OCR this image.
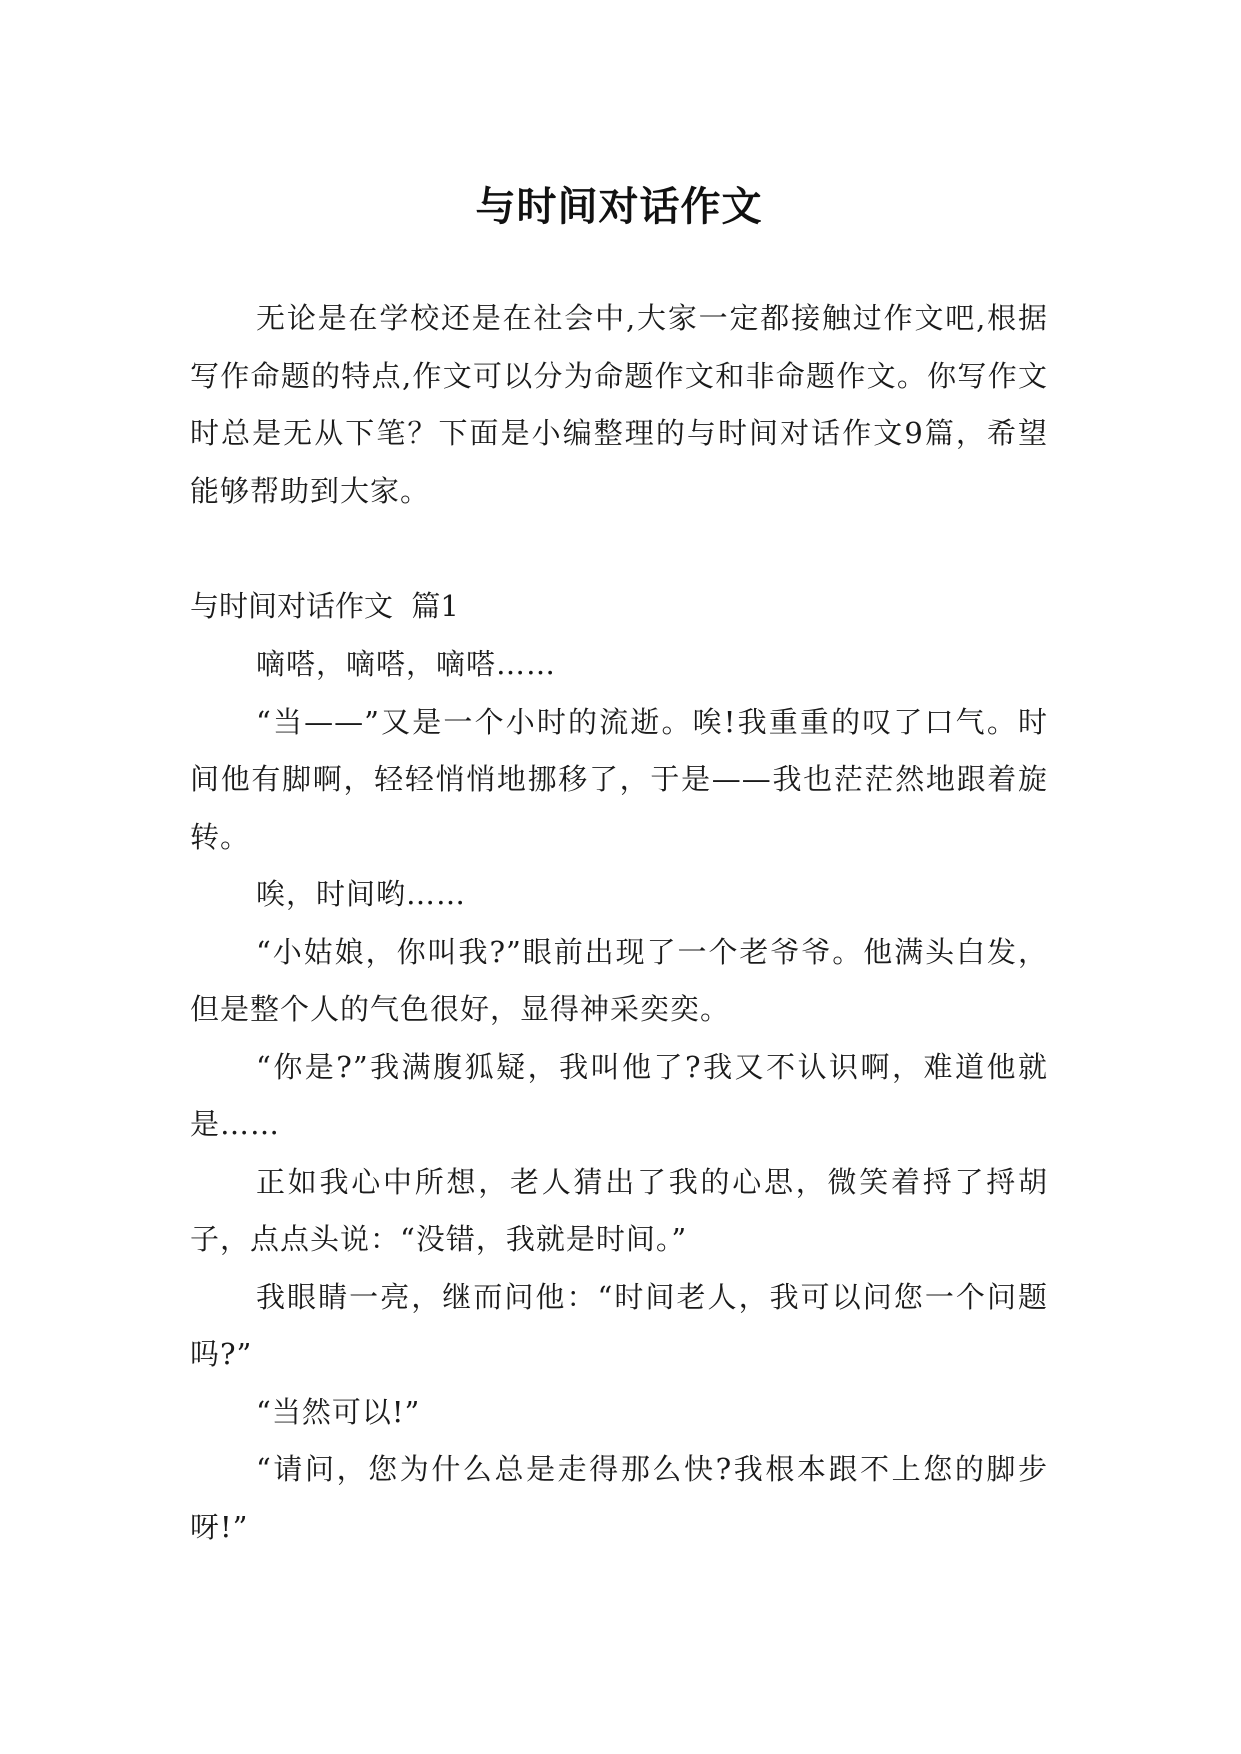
与时间对话作文

无论是在学校还是在社会中,大家一定都接触过作文吧,根据写作命题的特点,作文可以分为命题作文和非命题作文。你写作文时总是无从下笔？下面是小编整理的与时间对话作文9篇，希望能够帮助到大家。

与时间对话作文  篇1

嘀嗒，嘀嗒，嘀嗒……

“当——”又是一个小时的流逝。唉!我重重的叹了口气。时间他有脚啊，轻轻悄悄地挪移了，于是——我也茫茫然地跟着旋转。

唉，时间哟……

“小姑娘，你叫我?”眼前出现了一个老爷爷。他满头白发，但是整个人的气色很好，显得神采奕奕。

“你是?”我满腹狐疑，我叫他了?我又不认识啊，难道他就是……

正如我心中所想，老人猜出了我的心思，微笑着捋了捋胡子，点点头说：“没错，我就是时间。”

我眼睛一亮，继而问他：“时间老人，我可以问您一个问题吗?”

“当然可以!”

“请问，您为什么总是走得那么快?我根本跟不上您的脚步呀!”
